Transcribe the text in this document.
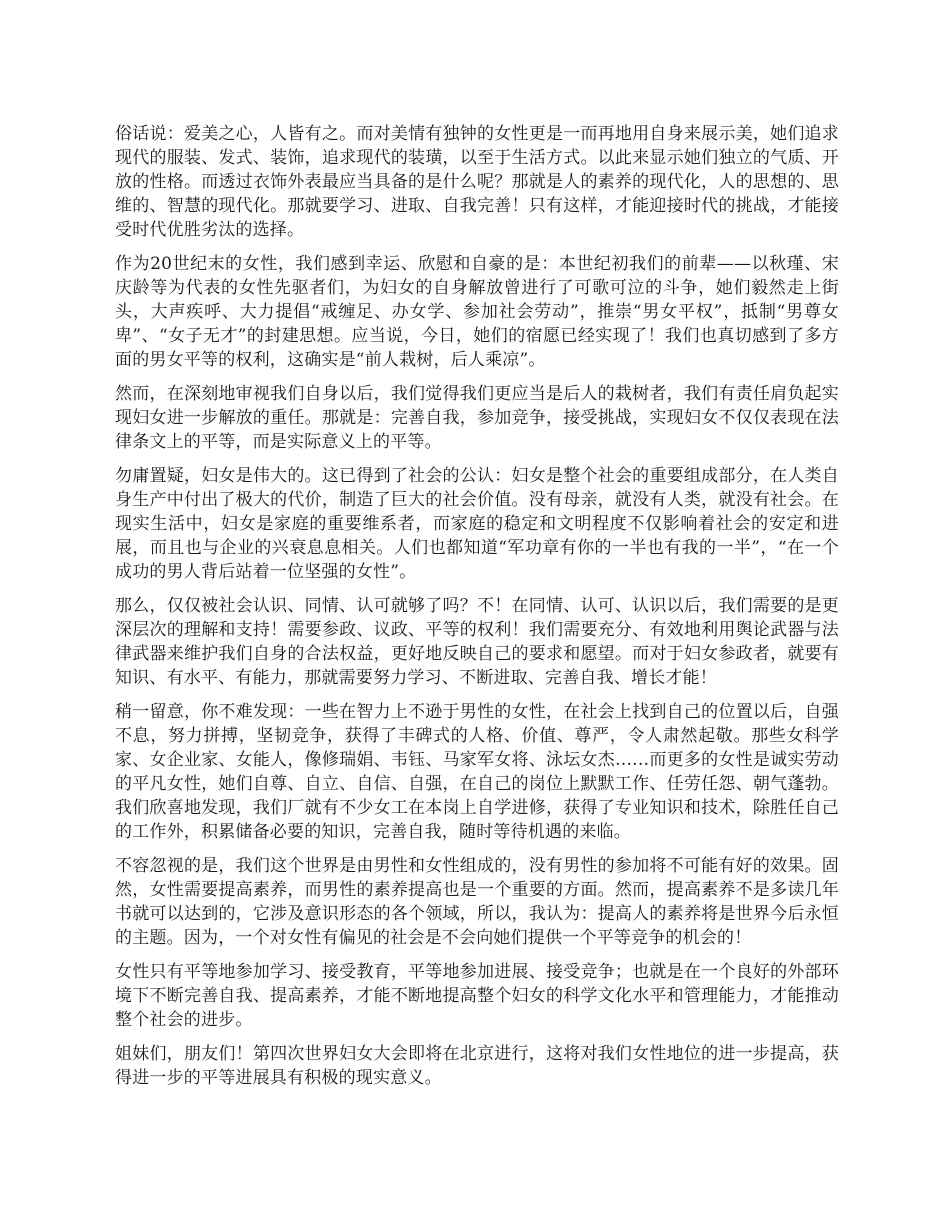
俗话说：爱美之心，人皆有之。而对美情有独钟的女性更是一而再地用自身来展示美，她们追求现代的服装、发式、装饰，追求现代的装璜，以至于生活方式。以此来显示她们独立的气质、开放的性格。而透过衣饰外表最应当具备的是什么呢？那就是人的素养的现代化，人的思想的、思维的、智慧的现代化。那就要学习、进取、自我完善！只有这样，才能迎接时代的挑战，才能接受时代优胜劣汰的选择。

作为20世纪末的女性，我们感到幸运、欣慰和自豪的是：本世纪初我们的前辈——以秋瑾、宋庆龄等为代表的女性先驱者们，为妇女的自身解放曾进行了可歌可泣的斗争，她们毅然走上街头，大声疾呼、大力提倡“戒缠足、办女学、参加社会劳动”，推崇“男女平权”，抵制“男尊女卑”、“女子无才”的封建思想。应当说，今日，她们的宿愿已经实现了！我们也真切感到了多方面的男女平等的权利，这确实是“前人栽树，后人乘凉”。

然而，在深刻地审视我们自身以后，我们觉得我们更应当是后人的栽树者，我们有责任肩负起实现妇女进一步解放的重任。那就是：完善自我，参加竞争，接受挑战，实现妇女不仅仅表现在法律条文上的平等，而是实际意义上的平等。

勿庸置疑，妇女是伟大的。这已得到了社会的公认：妇女是整个社会的重要组成部分，在人类自身生产中付出了极大的代价，制造了巨大的社会价值。没有母亲，就没有人类，就没有社会。在现实生活中，妇女是家庭的重要维系者，而家庭的稳定和文明程度不仅影响着社会的安定和进展，而且也与企业的兴衰息息相关。人们也都知道“军功章有你的一半也有我的一半”，“在一个成功的男人背后站着一位坚强的女性”。

那么，仅仅被社会认识、同情、认可就够了吗？不！在同情、认可、认识以后，我们需要的是更深层次的理解和支持！需要参政、议政、平等的权利！我们需要充分、有效地利用舆论武器与法律武器来维护我们自身的合法权益，更好地反映自己的要求和愿望。而对于妇女参政者，就要有知识、有水平、有能力，那就需要努力学习、不断进取、完善自我、增长才能！

稍一留意，你不难发现：一些在智力上不逊于男性的女性，在社会上找到自己的位置以后，自强不息，努力拼搏，坚韧竞争，获得了丰碑式的人格、价值、尊严，令人肃然起敬。那些女科学家、女企业家、女能人，像修瑞娟、韦钰、马家军女将、泳坛女杰……而更多的女性是诚实劳动的平凡女性，她们自尊、自立、自信、自强，在自己的岗位上默默工作、任劳任怨、朝气蓬勃。我们欣喜地发现，我们厂就有不少女工在本岗上自学进修，获得了专业知识和技术，除胜任自己的工作外，积累储备必要的知识，完善自我，随时等待机遇的来临。

不容忽视的是，我们这个世界是由男性和女性组成的，没有男性的参加将不可能有好的效果。固然，女性需要提高素养，而男性的素养提高也是一个重要的方面。然而，提高素养不是多读几年书就可以达到的，它涉及意识形态的各个领域，所以，我认为：提高人的素养将是世界今后永恒的主题。因为，一个对女性有偏见的社会是不会向她们提供一个平等竞争的机会的！

女性只有平等地参加学习、接受教育，平等地参加进展、接受竞争；也就是在一个良好的外部环境下不断完善自我、提高素养，才能不断地提高整个妇女的科学文化水平和管理能力，才能推动整个社会的进步。

姐妹们，朋友们！第四次世界妇女大会即将在北京进行，这将对我们女性地位的进一步提高，获得进一步的平等进展具有积极的现实意义。
